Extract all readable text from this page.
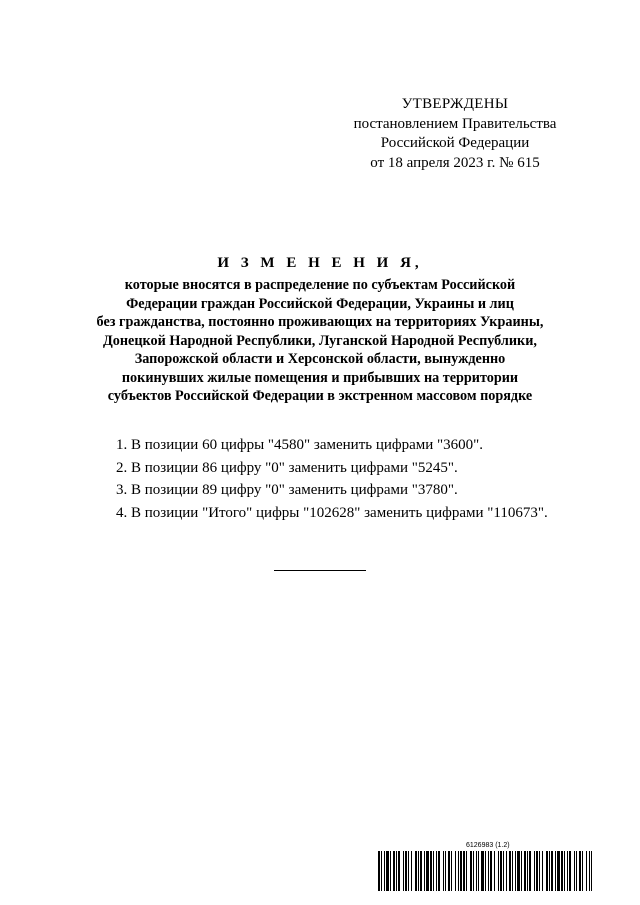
УТВЕРЖДЕНЫ
постановлением Правительства
Российской Федерации
от 18 апреля 2023 г. № 615
И З М Е Н Е Н И Я,
которые вносятся в распределение по субъектам Российской
Федерации граждан Российской Федерации, Украины и лиц
без гражданства, постоянно проживающих на территориях Украины,
Донецкой Народной Республики, Луганской Народной Республики,
Запорожской области и Херсонской области, вынужденно
покинувших жилые помещения и прибывших на территории
субъектов Российской Федерации в экстренном массовом порядке
1. В позиции 60 цифры "4580" заменить цифрами "3600".
2. В позиции 86 цифру "0" заменить цифрами "5245".
3. В позиции 89 цифру "0" заменить цифрами "3780".
4. В позиции "Итого" цифры "102628" заменить цифрами "110673".
6126983 (1.2)
